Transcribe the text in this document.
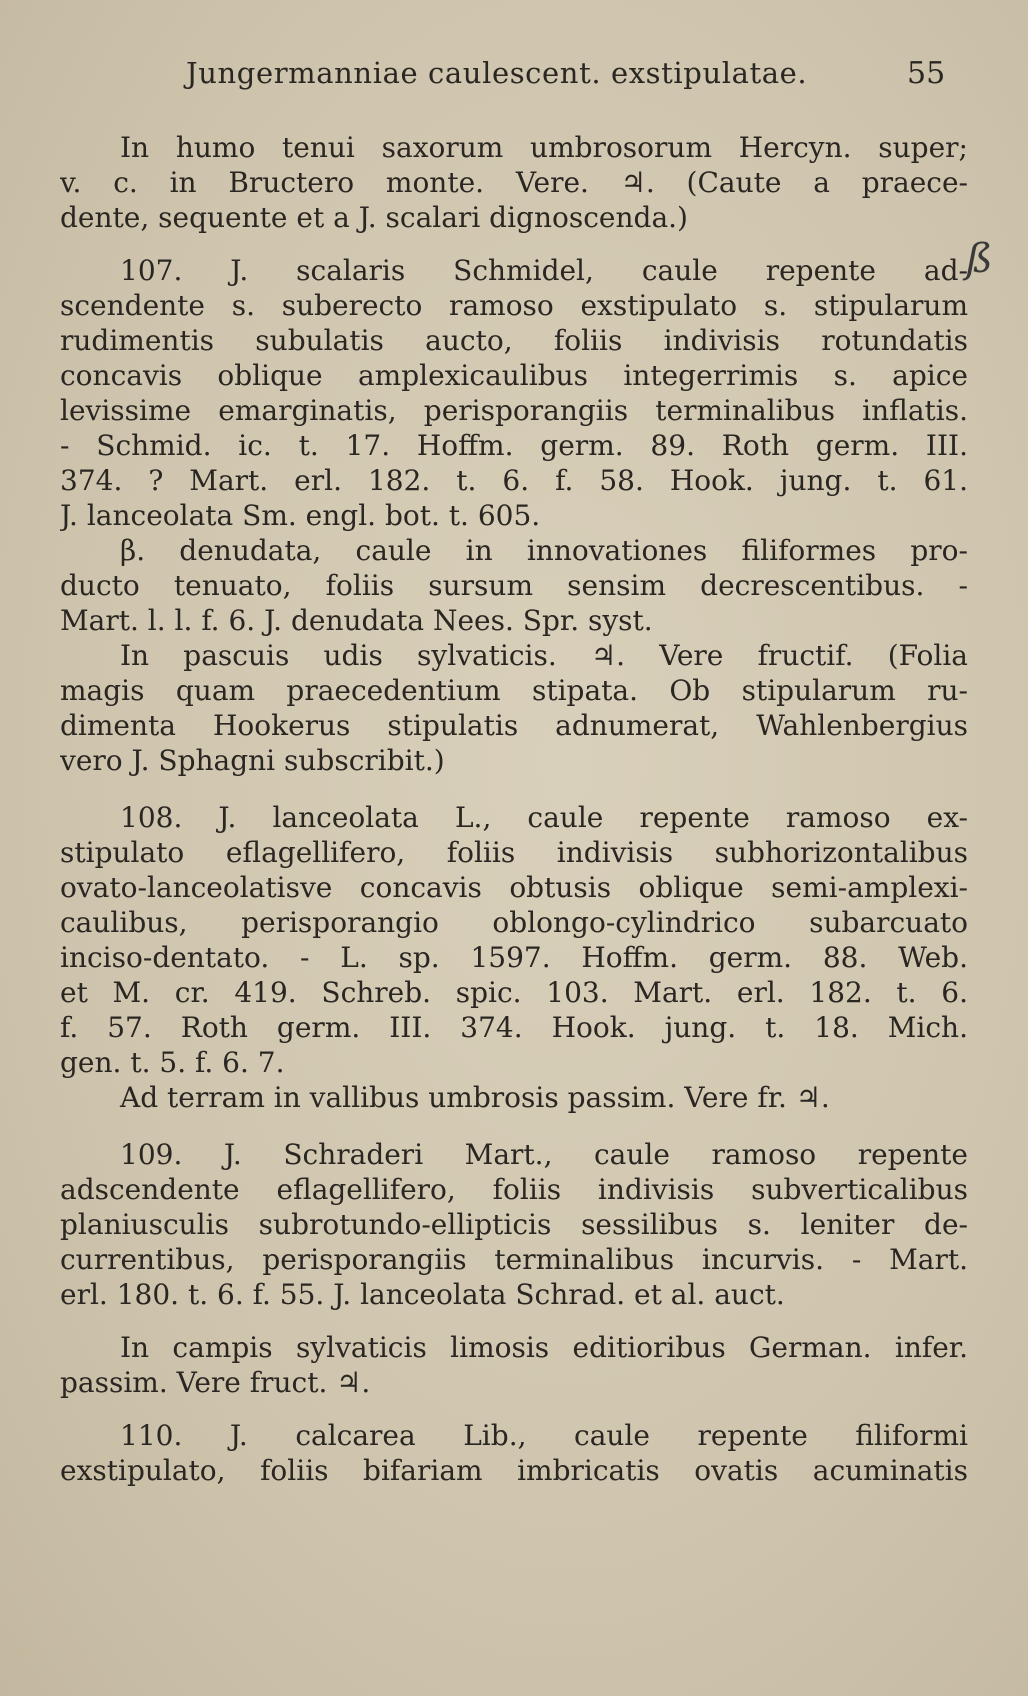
Jungermanniae caulescent. exstipulatae.	55
ß

In humo tenui saxorum umbrosorum Hercyn. super;
v. c. in Bructero monte. Vere. ♃. (Caute a praece-
dente, sequente et a J. scalari dignoscenda.)

107. J. scalaris Schmidel, caule repente ad-
scendente s. suberecto ramoso exstipulato s. stipularum
rudimentis subulatis aucto, foliis indivisis rotundatis
concavis oblique amplexicaulibus integerrimis s. apice
levissime emarginatis, perisporangiis terminalibus inflatis.
- Schmid. ic. t. 17. Hoffm. germ. 89. Roth germ. III.
374. ? Mart. erl. 182. t. 6. f. 58. Hook. jung. t. 61.
J. lanceolata Sm. engl. bot. t. 605.

β. denudata, caule in innovationes filiformes pro-
ducto tenuato, foliis sursum sensim decrescentibus. -
Mart. l. l. f. 6. J. denudata Nees. Spr. syst.

In pascuis udis sylvaticis. ♃. Vere fructif. (Folia
magis quam praecedentium stipata. Ob stipularum ru-
dimenta Hookerus stipulatis adnumerat, Wahlenbergius
vero J. Sphagni subscribit.)

108. J. lanceolata L., caule repente ramoso ex-
stipulato eflagellifero, foliis indivisis subhorizontalibus
ovato-lanceolatisve concavis obtusis oblique semi-amplexi-
caulibus, perisporangio oblongo-cylindrico subarcuato
inciso-dentato. - L. sp. 1597. Hoffm. germ. 88. Web.
et M. cr. 419. Schreb. spic. 103. Mart. erl. 182. t. 6.
f. 57. Roth germ. III. 374. Hook. jung. t. 18. Mich.
gen. t. 5. f. 6. 7.

Ad terram in vallibus umbrosis passim. Vere fr. ♃.

109. J. Schraderi Mart., caule ramoso repente
adscendente eflagellifero, foliis indivisis subverticalibus
planiusculis subrotundo-ellipticis sessilibus s. leniter de-
currentibus, perisporangiis terminalibus incurvis. - Mart.
erl. 180. t. 6. f. 55. J. lanceolata Schrad. et al. auct.

In campis sylvaticis limosis editioribus German. infer.
passim. Vere fruct. ♃.

110. J. calcarea Lib., caule repente filiformi
exstipulato, foliis bifariam imbricatis ovatis acuminatis
